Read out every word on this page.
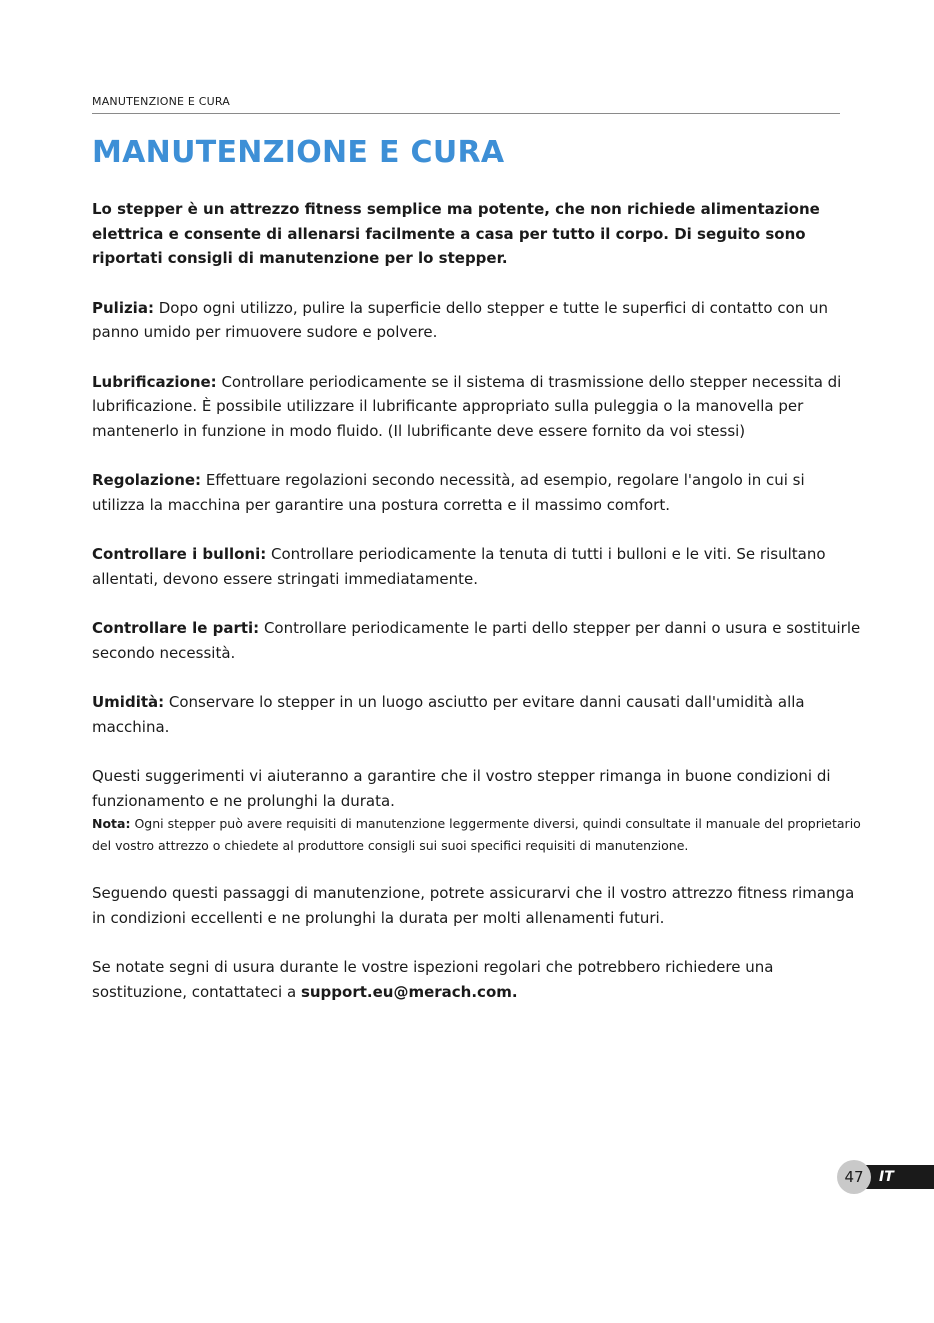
MANUTENZIONE E CURA
MANUTENZIONE E CURA

Lo stepper è un attrezzo fitness semplice ma potente, che non richiede alimentazione elettrica e consente di allenarsi facilmente a casa per tutto il corpo. Di seguito sono riportati consigli di manutenzione per lo stepper.

Pulizia: Dopo ogni utilizzo, pulire la superficie dello stepper e tutte le superfici di contatto con un panno umido per rimuovere sudore e polvere.

Lubrificazione: Controllare periodicamente se il sistema di trasmissione dello stepper necessita di lubrificazione. È possibile utilizzare il lubrificante appropriato sulla puleggia o la manovella per mantenerlo in funzione in modo fluido. (Il lubrificante deve essere fornito da voi stessi)

Regolazione: Effettuare regolazioni secondo necessità, ad esempio, regolare l'angolo in cui si utilizza la macchina per garantire una postura corretta e il massimo comfort.

Controllare i bulloni: Controllare periodicamente la tenuta di tutti i bulloni e le viti. Se risultano allentati, devono essere stringati immediatamente.

Controllare le parti: Controllare periodicamente le parti dello stepper per danni o usura e sostituirle secondo necessità.

Umidità: Conservare lo stepper in un luogo asciutto per evitare danni causati dall'umidità alla macchina.

Questi suggerimenti vi aiuteranno a garantire che il vostro stepper rimanga in buone condizioni di funzionamento e ne prolunghi la durata.

Nota: Ogni stepper può avere requisiti di manutenzione leggermente diversi, quindi consultate il manuale del proprietario del vostro attrezzo o chiedete al produttore consigli sui suoi specifici requisiti di manutenzione.

Seguendo questi passaggi di manutenzione, potrete assicurarvi che il vostro attrezzo fitness rimanga in condizioni eccellenti e ne prolunghi la durata per molti allenamenti futuri.

Se notate segni di usura durante le vostre ispezioni regolari che potrebbero richiedere una sostituzione, contattateci a support.eu@merach.com.

IT
47
